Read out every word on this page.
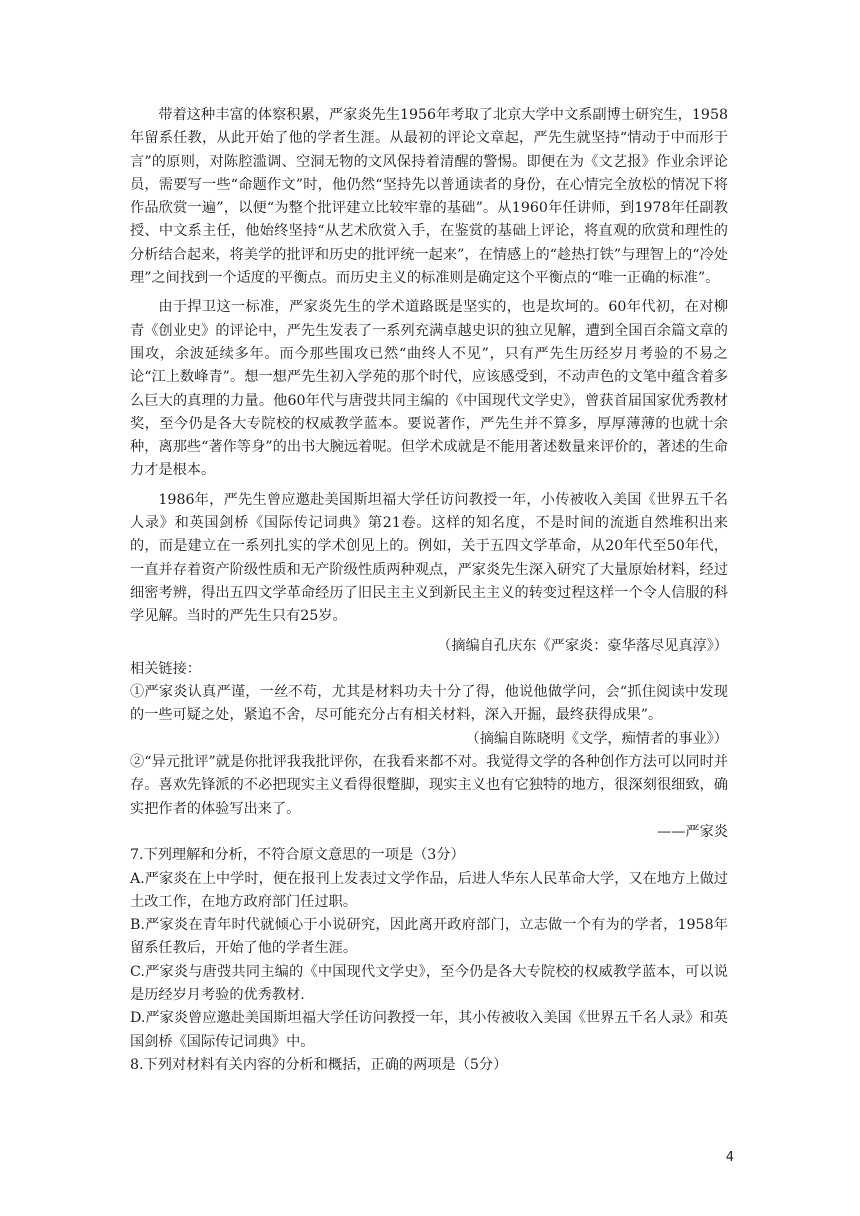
带着这种丰富的体察积累，严家炎先生1956年考取了北京大学中文系副博士研究生，1958年留系任教，从此开始了他的学者生涯。从最初的评论文章起，严先生就坚持“情动于中而形于言”的原则，对陈腔滥调、空洞无物的文风保持着清醒的警惕。即便在为《文艺报》作业余评论员，需要写一些“命题作文”时，他仍然“坚持先以普通读者的身份，在心情完全放松的情况下将作品欣赏一遍”，以便“为整个批评建立比较牢靠的基础”。从1960年任讲师，到1978年任副教授、中文系主任，他始终坚持“从艺术欣赏入手，在鉴赏的基础上评论，将直观的欣赏和理性的分析结合起来，将美学的批评和历史的批评统一起来”，在情感上的“趁热打铁”与理智上的“冷处理”之间找到一个适度的平衡点。而历史主义的标准则是确定这个平衡点的“唯一正确的标准”。

由于捍卫这一标准，严家炎先生的学术道路既是坚实的，也是坎坷的。60年代初，在对柳青《创业史》的评论中，严先生发表了一系列充满卓越史识的独立见解，遭到全国百余篇文章的围攻，余波延续多年。而今那些围攻已然“曲终人不见”，只有严先生历经岁月考验的不易之论“江上数峰青”。想一想严先生初入学苑的那个时代，应该感受到，不动声色的文笔中蕴含着多么巨大的真理的力量。他60年代与唐弢共同主编的《中国现代文学史》，曾获首届国家优秀教材奖，至今仍是各大专院校的权威教学蓝本。要说著作，严先生并不算多，厚厚薄薄的也就十余种，离那些“著作等身”的出书大腕远着呢。但学术成就是不能用著述数量来评价的，著述的生命力才是根本。

1986年，严先生曾应邀赴美国斯坦福大学任访问教授一年，小传被收入美国《世界五千名人录》和英国剑桥《国际传记词典》第21卷。这样的知名度，不是时间的流逝自然堆积出来的，而是建立在一系列扎实的学术创见上的。例如，关于五四文学革命，从20年代至50年代，一直并存着资产阶级性质和无产阶级性质两种观点，严家炎先生深入研究了大量原始材料，经过细密考辨，得出五四文学革命经历了旧民主主义到新民主主义的转变过程这样一个令人信服的科学见解。当时的严先生只有25岁。

（摘编自孔庆东《严家炎：豪华落尽见真淳》）

相关链接：

①严家炎认真严谨，一丝不苟，尤其是材料功夫十分了得，他说他做学问，会“抓住阅读中发现的一些可疑之处，紧追不舍，尽可能充分占有相关材料，深入开掘，最终获得成果”。

（摘编自陈晓明《文学，痴情者的事业》）

②“异元批评”就是你批评我我批评你，在我看来都不对。我觉得文学的各种创作方法可以同时并存。喜欢先锋派的不必把现实主义看得很蹩脚，现实主义也有它独特的地方，很深刻很细致，确实把作者的体验写出来了。

——严家炎

7.下列理解和分析，不符合原文意思的一项是（3分）

A.严家炎在上中学时，便在报刊上发表过文学作品，后进人华东人民革命大学，又在地方上做过土改工作，在地方政府部门任过职。

B.严家炎在青年时代就倾心于小说研究，因此离开政府部门，立志做一个有为的学者，1958年留系任教后，开始了他的学者生涯。

C.严家炎与唐弢共同主编的《中国现代文学史》，至今仍是各大专院校的权威教学蓝本，可以说是历经岁月考验的优秀教材.

D.严家炎曾应邀赴美国斯坦福大学任访问教授一年，其小传被收入美国《世界五千名人录》和英国剑桥《国际传记词典》中。

8.下列对材料有关内容的分析和概括，正确的两项是（5分）

4
